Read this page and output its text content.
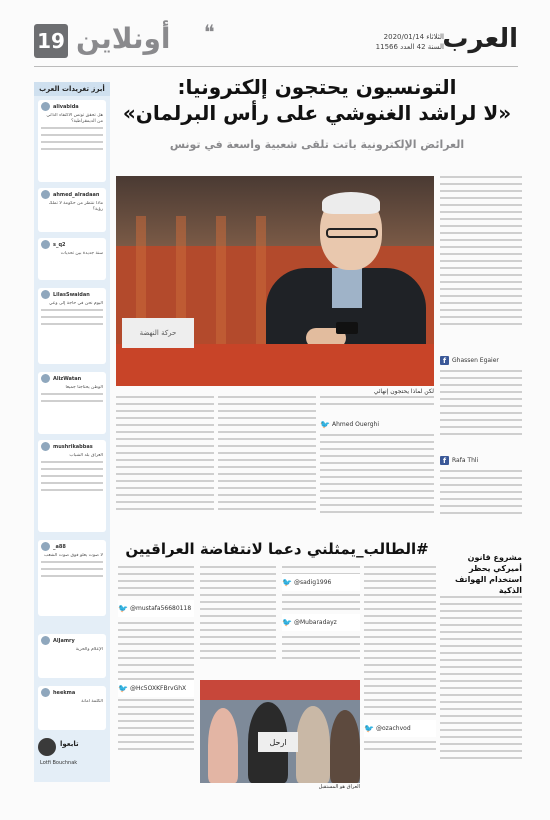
19 أونلاين ❝	الثلاثاء 2020/01/14
السنة 42 العدد 11566
العرب
أبرز تغريدات العرب
alivabida
هل تحقق تونس الاكتفاء الذاتي من الديمقراطية؟
ahmed_alradaan
ماذا ننتظر من حكومة لا تملك رؤية؟
s_q2
سنة جديدة بين تحديات
LilasSwaidan
اليوم نحن في حاجة إلى وعي
AlizWatan
الوطن يحتاجنا جميعا
mushrikabbas
العراق بلد الشباب
_a88
لا صوت يعلو فوق صوت الشعب
AlJamry
الإعلام والحرية
heekma
الكلمة أمانة
تابعوا
Lotfi Bouchnak
التونسيون يحتجون إلكترونيا:
«لا لراشد الغنوشي على رأس البرلمان»
العرائض الإلكترونية باتت تلقى شعبية واسعة في تونس
حركة النهضة
لكن لماذا يحتجون إنهائي
f Ghassen Egaier
f Rafa Thli
🐦 Ahmed Ouerghi
#الطالب_يمثلني دعما لانتفاضة العراقيين
🐦 @mustafa56680118
🐦 @Hc5OXKFBrvGhX
🐦 @sadig1996
🐦 @Mubaradayz
ارحل
العراق هو المستقبل
🐦 @ozachvod
مشروع قانون أميركي يحظر استخدام الهواتف الذكية
